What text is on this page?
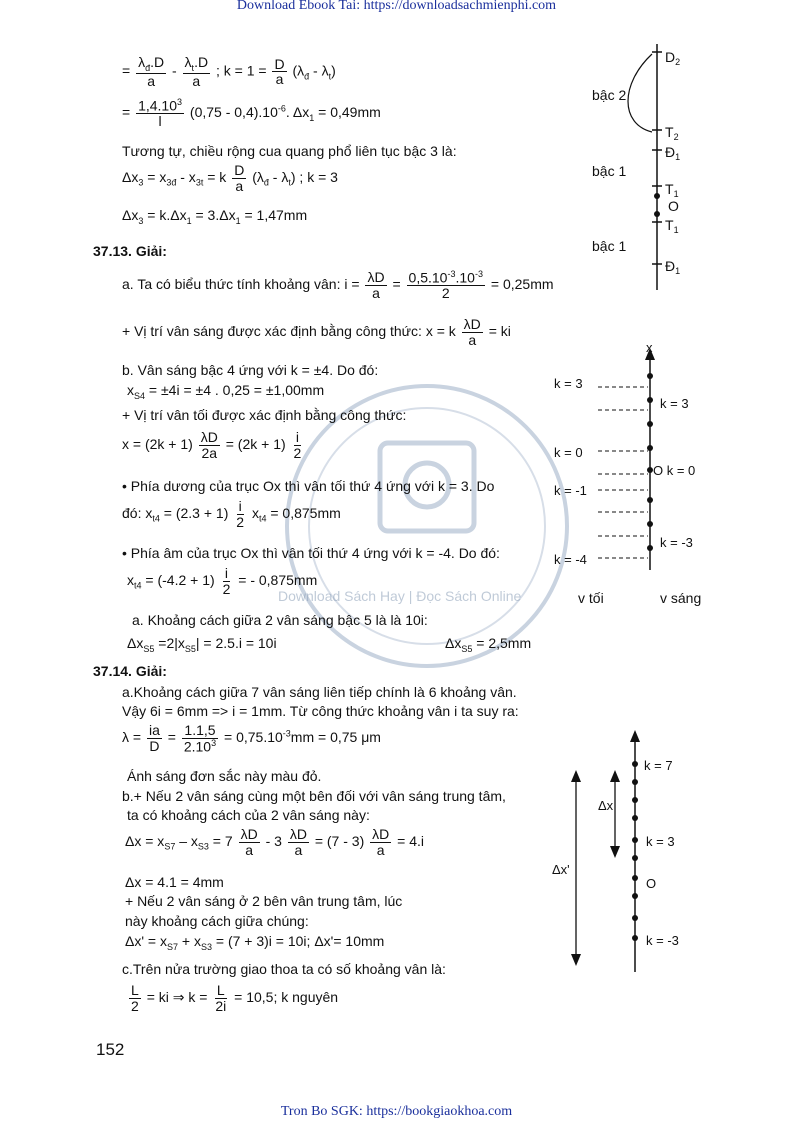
Download Ebook Tai: https://downloadsachmienphi.com
Tron Bo SGK: https://bookgiaokhoa.com
Download Sách Hay | Đọc Sách Online
= $\frac{\lambda_đ.D}{a} - \frac{\lambda_t.D}{a}$ ; $k = 1 = \frac{D}{a} (\lambda_đ - \lambda_t)$
= $\frac{1,4.10^3}{l} (0,75 - 0,4).10^{-6}$. $\Delta x_1 = 0,49mm$
Tương tự, chiều rộng cua quang phổ liên tục bậc 3 là:
$\Delta x_3 = x_{3đ} - x_{3t} = k \frac{D}{a} (\lambda_đ - \lambda_t)$ ; k = 3
$\Delta x_3 = k.\Delta x_1 = 3.\Delta x_1 = 1,47mm$
$D_2$
bậc 2
$T_2$
$Đ_1$
bậc 1
$T_1$
O
$T_1$
bậc 1
$Đ_1$
37.13. Giải:
a. Ta có biểu thức tính khoảng vân: $i = \frac{\lambda D}{a} = \frac{0,5.10^{-3}.10^{-3}}{2} = 0,25mm$
+ Vị trí vân sáng được xác định bằng công thức: x = k $\frac{\lambda D}{a}$ = ki
b. Vân sáng bậc 4 ứng với k = ±4. Do đó:
$x_{S4} = \pm 4i = \pm 4$ . 0,25 = ±1,00mm
+ Vị trí vân tối được xác định bằng công thức:
$x = (2k + 1) \frac{\lambda D}{2a} = (2k + 1) \frac{i}{2}$
• Phía dương của trục Ox thì vân tối thứ 4 ứng với k = 3. Do
đó: $x_{t4} = (2.3 + 1) \frac{i}{2} x_{t4} = 0,875mm$
• Phía âm của trục Ox thì vân tối thứ 4 ứng với k = -4. Do đó:
$x_{t4} = (-4.2 + 1) \frac{i}{2}$ = - 0,875mm
a. Khoảng cách giữa 2 vân sáng bậc 5 là là 10i:
$\Delta x_{S5} =2|x_{S5}| = 2.5.i = 10i$	$\Delta x_{S5} = 2,5mm$
x
k = 3
k = 0
k = -1
k = -4
k = 3
O k = 0
k = -3
v tối	v sáng
37.14. Giải:
a.Khoảng cách giữa 7 vân sáng liên tiếp chính là 6 khoảng vân.
Vậy 6i = 6mm => i = 1mm. Từ công thức khoảng vân i ta suy ra:
$\lambda = \frac{ia}{D} = \frac{1.1,5}{2.10^3} = 0,75.10^{-3}mm = 0,75$ μm
Ánh sáng đơn sắc này màu đỏ.
b.+ Nếu 2 vân sáng cùng một bên đối với vân sáng trung tâm,
ta có khoảng cách của 2 vân sáng này:
$\Delta x = x_{S7} - x_{S3} = 7 \frac{\lambda D}{a} - 3 \frac{\lambda D}{a} = (7 - 3) \frac{\lambda D}{a} = 4.i$
Δx = 4.1 = 4mm
+ Nếu 2 vân sáng ở 2 bên vân trung tâm, lúc
này khoảng cách giữa chúng:
$\Delta x' = x_{S7} + x_{S3} = (7 + 3)i = 10i$; Δx'= 10mm
c.Trên nửa trường giao thoa ta có số khoảng vân là:
$\frac{L}{2}$ = ki ⇒ $k = \frac{L}{2i} = 10,5$; k nguyên
k = 7
k = 3
O
k = -3
Δx
Δx'
152
